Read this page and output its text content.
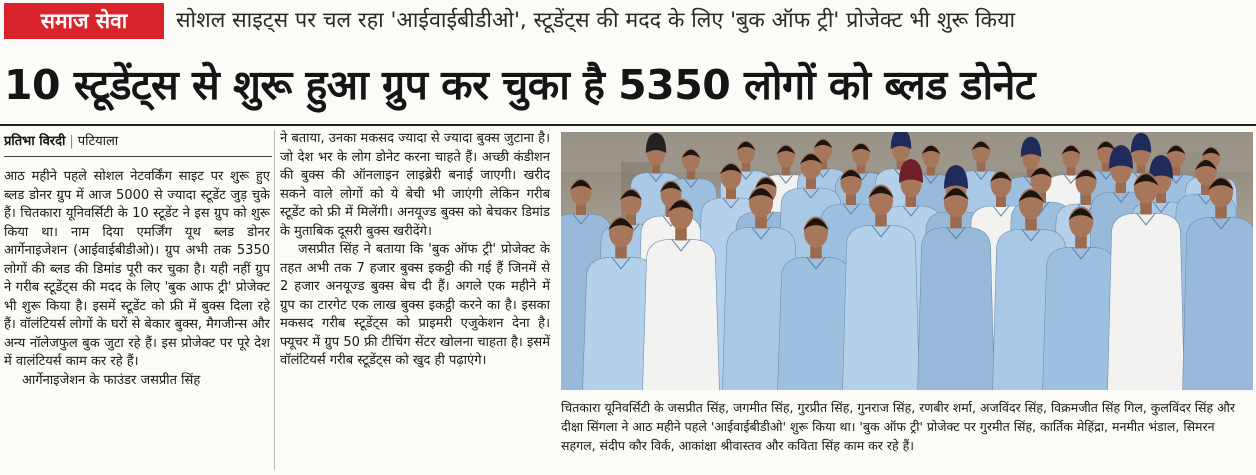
समाज सेवा	सोशल साइट्स पर चल रहा 'आईवाईबीडीओ', स्टूडेंट्स की मदद के लिए 'बुक ऑफ ट्री' प्रोजेक्ट भी शुरू किया
10 स्टूडेंट्स से शुरू हुआ ग्रुप कर चुका है 5350 लोगों को ब्लड डोनेट
प्रतिभा विरदी | पटियाला

आठ महीने पहले सोशल नेटवर्किंग साइट पर शुरू हुए ब्लड डोनर ग्रुप में आज 5000 से ज्यादा स्टूडेंट जुड़ चुके हैं। चितकारा यूनिवर्सिटी के 10 स्टूडेंट ने इस ग्रुप को शुरू किया था। नाम दिया एमर्जिंग यूथ ब्लड डोनर आर्गेनाइजेशन (आईवाईबीडीओ)। ग्रुप अभी तक 5350 लोगों की ब्लड की डिमांड पूरी कर चुका है। यही नहीं ग्रुप ने गरीब स्टूडेंट्स की मदद के लिए 'बुक आफ ट्री' प्रोजेक्ट भी शुरू किया है। इसमें स्टूडेंट को फ्री में बुक्स दिला रहे हैं। वॉलंटियर्स लोगों के घरों से बेकार बुक्स, मैगजीन्स और अन्य नॉलेजफुल बुक जुटा रहे हैं। इस प्रोजेक्ट पर पूरे देश में वालंटियर्स काम कर रहे हैं।

आर्गेनाइजेशन के फाउंडर जसप्रीत सिंह

ने बताया, उनका मकसद ज्यादा से ज्यादा बुक्स जुटाना है। जो देश भर के लोग डोनेट करना चाहते हैं। अच्छी कंडीशन की बुक्स की ऑनलाइन लाइब्रेरी बनाई जाएगी। खरीद सकने वाले लोगों को ये बेची भी जाएंगी लेकिन गरीब स्टूडेंट को फ्री में मिलेंगी। अनयूज्ड बुक्स को बेचकर डिमांड के मुताबिक दूसरी बुक्स खरीदेंगे।

जसप्रीत सिंह ने बताया कि 'बुक ऑफ ट्री' प्रोजेक्ट के तहत अभी तक 7 हजार बुक्स इकट्ठी की गई हैं जिनमें से 2 हजार अनयूज्ड बुक्स बेच दी हैं। अगले एक महीने में ग्रुप का टारगेट एक लाख बुक्स इकट्ठी करने का है। इसका मकसद गरीब स्टूडेंट्स को प्राइमरी एजुकेशन देना है। फ्यूचर में ग्रुप 50 फ्री टीचिंग सेंटर खोलना चाहता है। इसमें वॉलंटियर्स गरीब स्टूडेंट्स को खुद ही पढ़ाएंगे।

चितकारा यूनिवर्सिटी के जसप्रीत सिंह, जगमीत सिंह, गुरप्रीत सिंह, गुनराज सिंह, रणबीर शर्मा, अजविंदर सिंह, विक्रमजीत सिंह गिल, कुलविंदर सिंह और दीक्षा सिंगला ने आठ महीने पहले 'आईवाईबीडीओ' शुरू किया था। 'बुक ऑफ ट्री' प्रोजेक्ट पर गुरमीत सिंह, कार्तिक मेहिंद्रा, मनमीत भंडाल, सिमरन सहगल, संदीप कौर विर्क, आकांक्षा श्रीवास्तव और कविता सिंह काम कर रहे हैं।
